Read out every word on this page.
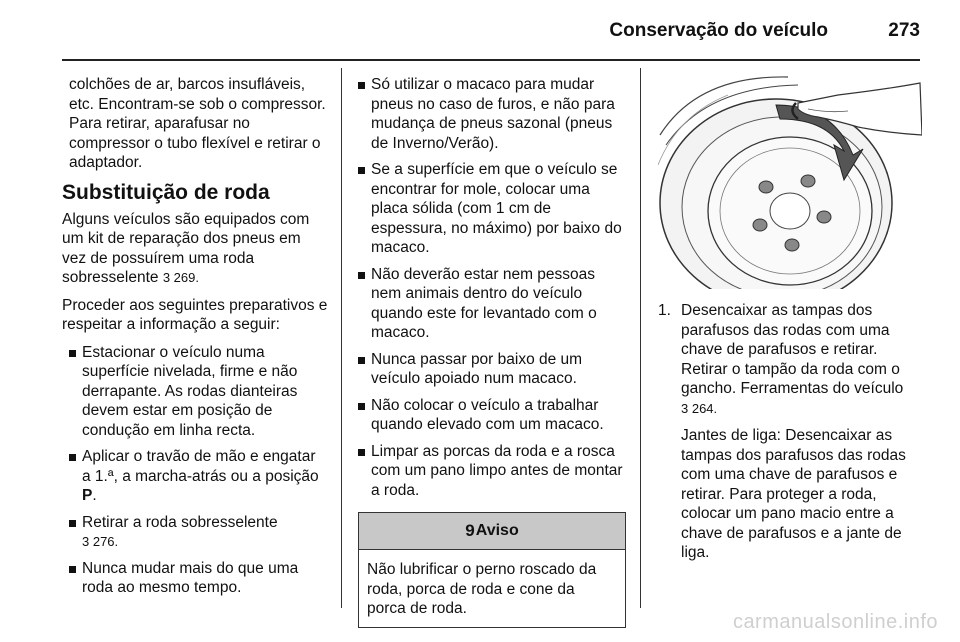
Conservação do veículo	273

colchões de ar, barcos insufláveis, etc. Encontram-se sob o compressor. Para retirar, aparafusar no compressor o tubo flexível e retirar o adaptador.

Substituição de roda

Alguns veículos são equipados com um kit de reparação dos pneus em vez de possuírem uma roda sobresselente 3 269.

Proceder aos seguintes preparativos e respeitar a informação a seguir:

Estacionar o veículo numa superfície nivelada, firme e não derrapante. As rodas dianteiras devem estar em posição de condução em linha recta.
Aplicar o travão de mão e engatar a 1.ª, a marcha-atrás ou a posição P.
Retirar a roda sobresselente
3 276.
Nunca mudar mais do que uma roda ao mesmo tempo.
Só utilizar o macaco para mudar pneus no caso de furos, e não para mudança de pneus sazonal (pneus de Inverno/Verão).
Se a superfície em que o veículo se encontrar for mole, colocar uma placa sólida (com 1 cm de espessura, no máximo) por baixo do macaco.
Não deverão estar nem pessoas nem animais dentro do veículo quando este for levantado com o macaco.
Nunca passar por baixo de um veículo apoiado num macaco.
Não colocar o veículo a trabalhar quando elevado com um macaco.
Limpar as porcas da roda e a rosca com um pano limpo antes de montar a roda.
9 Aviso
Não lubrificar o perno roscado da roda, porca de roda e cone da porca de roda.
1. Desencaixar as tampas dos parafusos das rodas com uma chave de parafusos e retirar. Retirar o tampão da roda com o gancho. Ferramentas do veículo
3 264.

Jantes de liga: Desencaixar as tampas dos parafusos das rodas com uma chave de parafusos e retirar. Para proteger a roda, colocar um pano macio entre a chave de parafusos e a jante de liga.

carmanualsonline.info
